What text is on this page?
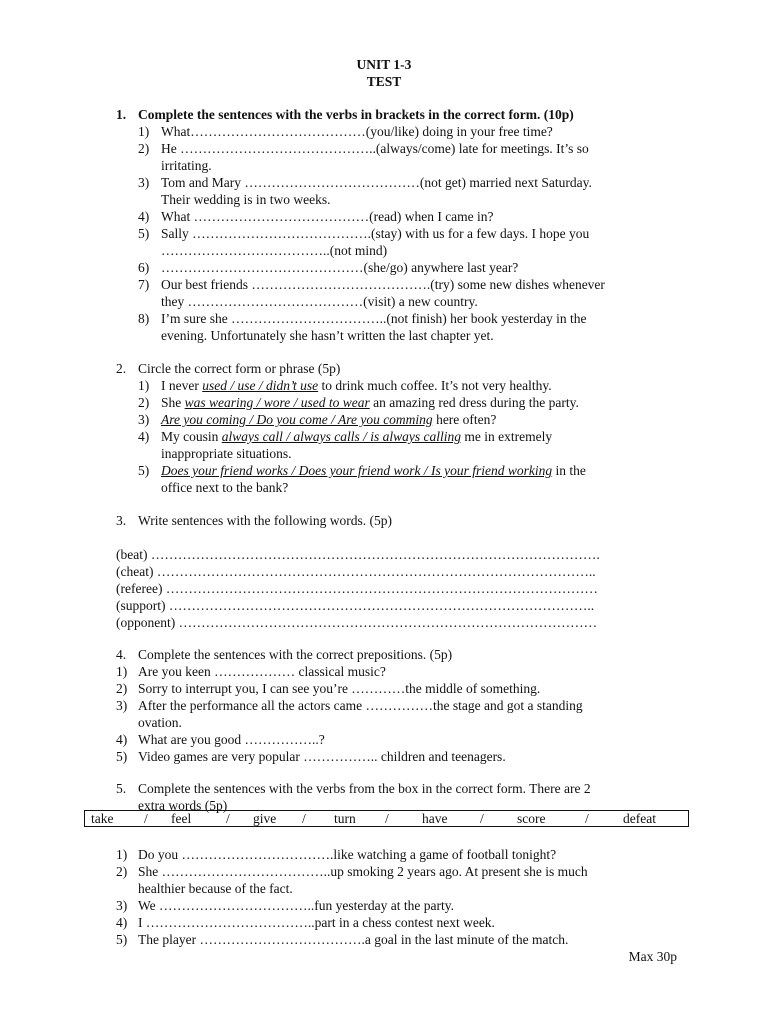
UNIT 1-3
TEST
1. Complete the sentences with the verbs in brackets in the correct form. (10p)
1) What…………………………………(you/like) doing in your free time?
2) He ……………………………………..(always/come) late for meetings. It’s so
irritating.
3) Tom and Mary …………………………………(not get) married next Saturday.
Their wedding is in two weeks.
4) What …………………………………(read) when I came in?
5) Sally ………………………………….(stay) with us for a few days. I hope you
………………………………..(not mind)
6) ………………………………………(she/go) anywhere last year?
7) Our best friends ………………………………….(try) some new dishes whenever
they …………………………………(visit) a new country.
8) I’m sure she ……………………………..(not finish) her book yesterday in the
evening. Unfortunately she hasn’t written the last chapter yet.
2. Circle the correct form or phrase (5p)
1) I never used / use / didn’t use to drink much coffee. It’s not very healthy.
2) She was wearing / wore / used to wear an amazing red dress during the party.
3) Are you coming / Do you come / Are you comming here often?
4) My cousin always call / always calls / is always calling me in extremely
inappropriate situations.
5) Does your friend works / Does your friend work / Is your friend working in the
office next to the bank?
3. Write sentences with the following words. (5p)
(beat) ……………………………………………………………………………………….
(cheat) ……………………………………………………………………………………..
(referee) ……………………………………………………………………………………
(support) …………………………………………………………………………………..
(opponent) …………………………………………………………………………………
4. Complete the sentences with the correct prepositions. (5p)
1) Are you keen ……………… classical music?
2) Sorry to interrupt you, I can see you’re …………the middle of something.
3) After the performance all the actors came ……………the stage and got a standing
ovation.
4) What are you good ……………..?
5) Video games are very popular …………….. children and teenagers.
5. Complete the sentences with the verbs from the box in the correct form. There are 2
extra words (5p)
take / feel	/ give / turn / have / score	/	defeat
1) Do you …………………………….like watching a game of football tonight?
2) She ………………………………..up smoking 2 years ago. At present she is much
healthier because of the fact.
3) We ……………………………..fun yesterday at the party.
4) I ………………………………..part in a chess contest next week.
5) The player ……………………………….a goal in the last minute of the match.
Max 30p
